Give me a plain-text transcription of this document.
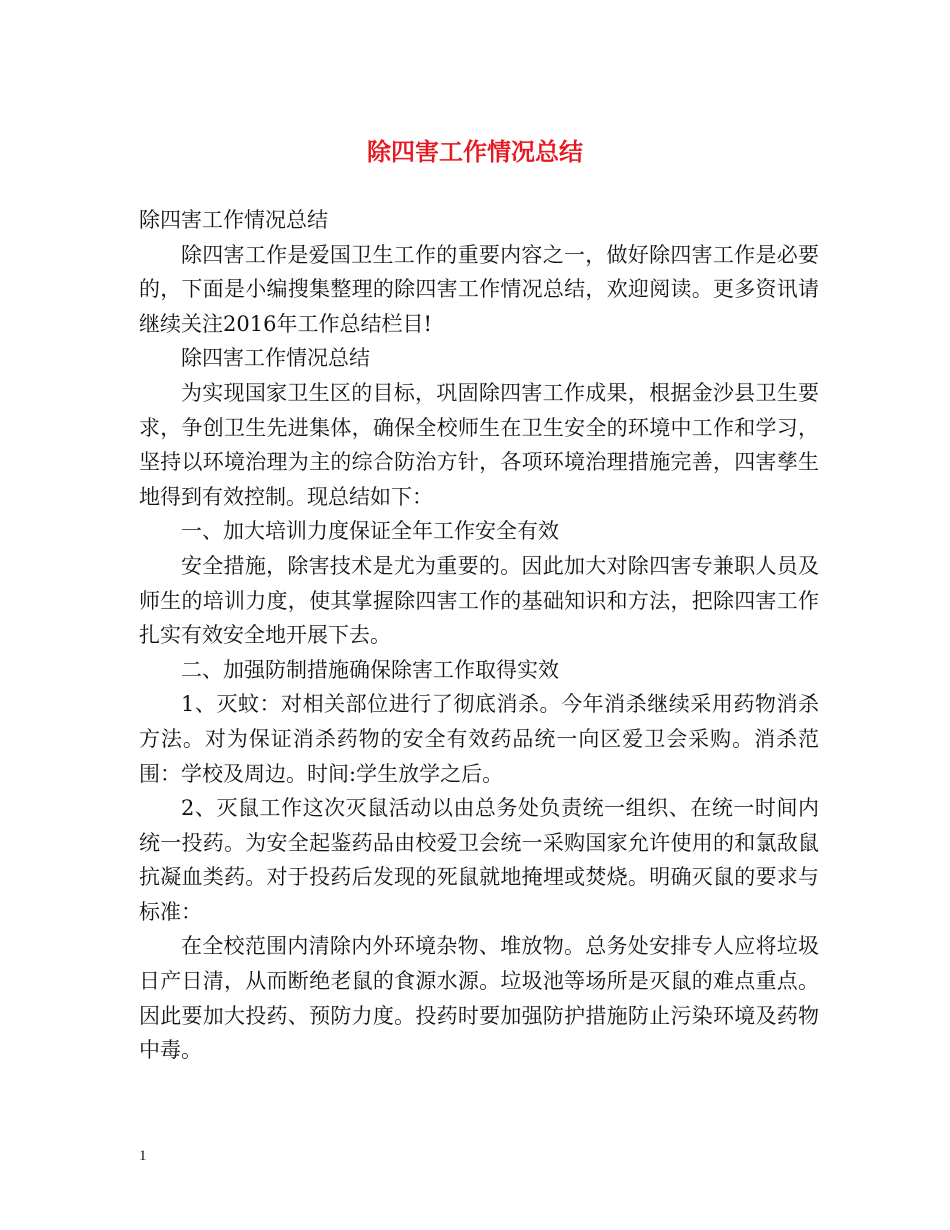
除四害工作情况总结

除四害工作情况总结

除四害工作是爱国卫生工作的重要内容之一，做好除四害工作是必要的，下面是小编搜集整理的除四害工作情况总结，欢迎阅读。更多资讯请继续关注2016年工作总结栏目!

除四害工作情况总结

为实现国家卫生区的目标，巩固除四害工作成果，根据金沙县卫生要求，争创卫生先进集体，确保全校师生在卫生安全的环境中工作和学习，坚持以环境治理为主的综合防治方针，各项环境治理措施完善，四害孳生地得到有效控制。现总结如下：

一、加大培训力度保证全年工作安全有效

安全措施，除害技术是尤为重要的。因此加大对除四害专兼职人员及师生的培训力度，使其掌握除四害工作的基础知识和方法，把除四害工作扎实有效安全地开展下去。

二、加强防制措施确保除害工作取得实效

1、灭蚊：对相关部位进行了彻底消杀。今年消杀继续采用药物消杀方法。对为保证消杀药物的安全有效药品统一向区爱卫会采购。消杀范围：学校及周边。时间:学生放学之后。

2、灭鼠工作这次灭鼠活动以由总务处负责统一组织、在统一时间内统一投药。为安全起鉴药品由校爱卫会统一采购国家允许使用的和氯敌鼠抗凝血类药。对于投药后发现的死鼠就地掩埋或焚烧。明确灭鼠的要求与标准：

在全校范围内清除内外环境杂物、堆放物。总务处安排专人应将垃圾日产日清，从而断绝老鼠的食源水源。垃圾池等场所是灭鼠的难点重点。因此要加大投药、预防力度。投药时要加强防护措施防止污染环境及药物中毒。

1
